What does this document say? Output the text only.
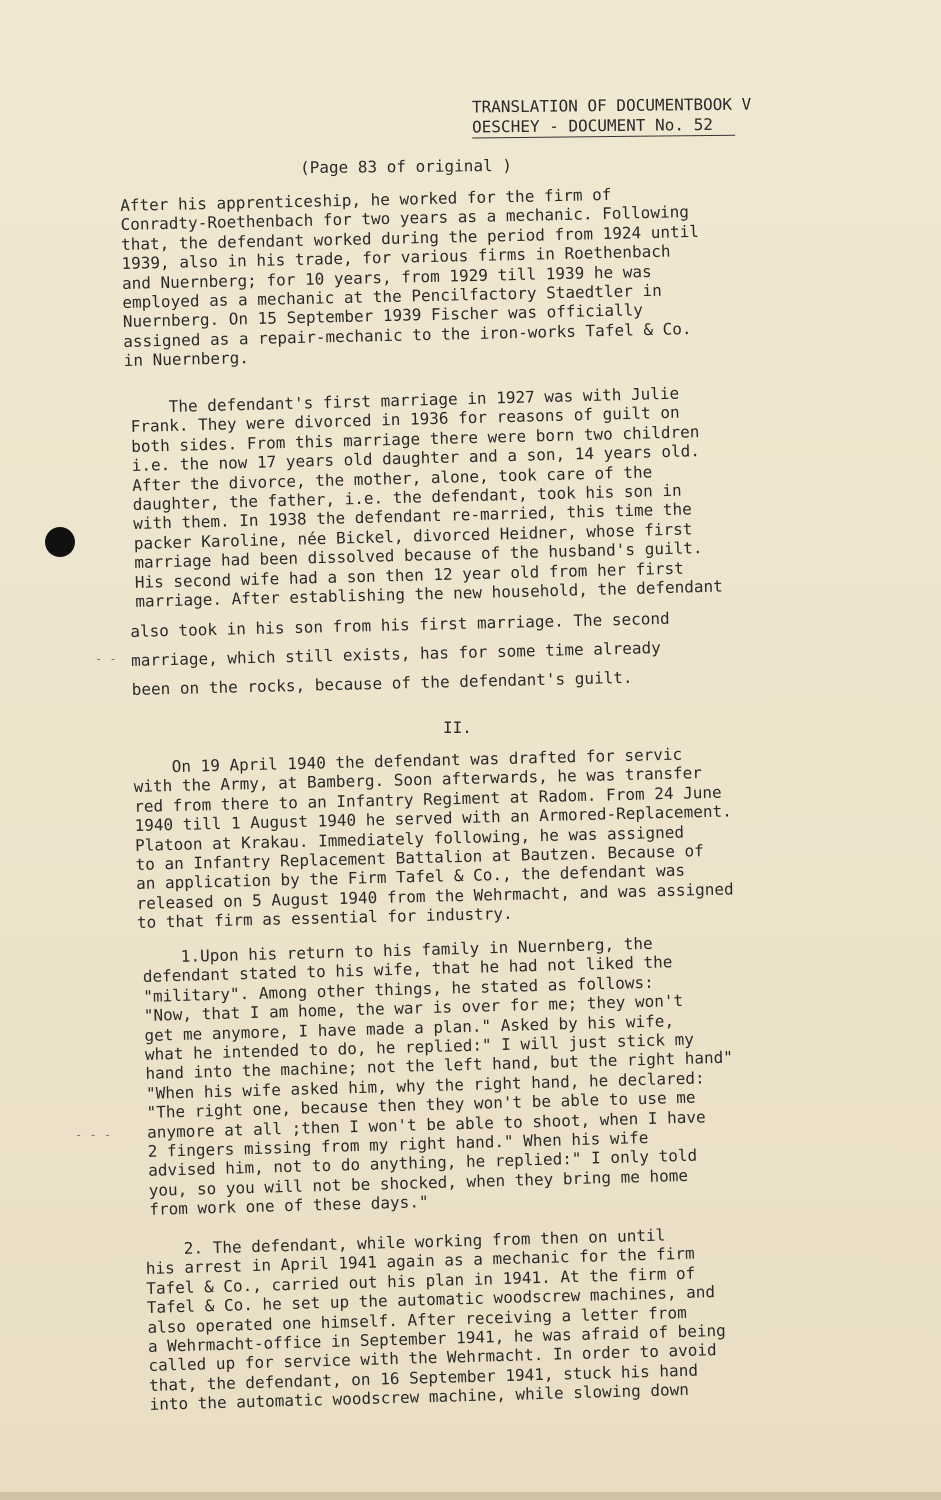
TRANSLATION OF DOCUMENTBOOK V
OESCHEY - DOCUMENT No. 52
(Page 83 of original )
After his apprenticeship, he worked for the firm of
Conradty-Roethenbach for two years as a mechanic. Following
that, the defendant worked during the period from 1924 until
1939, also in his trade, for various firms in Roethenbach
and Nuernberg; for 10 years, from 1929 till 1939 he was
employed as a mechanic at the Pencilfactory Staedtler in
Nuernberg. On 15 September 1939 Fischer was officially
assigned as a repair-mechanic to the iron-works Tafel & Co.
in Nuernberg.
The defendant's first marriage in 1927 was with Julie
Frank. They were divorced in 1936 for reasons of guilt on
both sides. From this marriage there were born two children
i.e. the now 17 years old daughter and a son, 14 years old.
After the divorce, the mother, alone, took care of the
daughter, the father, i.e. the defendant, took his son in
with them. In 1938 the defendant re-married, this time the
packer Karoline, née Bickel, divorced Heidner, whose first
marriage had been dissolved because of the husband's guilt.
His second wife had a son then 12 year old from her first
marriage. After establishing the new household, the defendant
also took in his son from his first marriage. The second
marriage, which still exists, has for some time already
been on the rocks, because of the defendant's guilt.
II.
On 19 April 1940 the defendant was drafted for servic
with the Army, at Bamberg. Soon afterwards, he was transfer
red from there to an Infantry Regiment at Radom. From 24 June
1940 till 1 August 1940 he served with an Armored-Replacement.
Platoon at Krakau. Immediately following, he was assigned
to an Infantry Replacement Battalion at Bautzen. Because of
an application by the Firm Tafel & Co., the defendant was
released on 5 August 1940 from the Wehrmacht, and was assigned
to that firm as essential for industry.
1.Upon his return to his family in Nuernberg, the
defendant stated to his wife, that he had not liked the
"military". Among other things, he stated as follows:
"Now, that I am home, the war is over for me; they won't
get me anymore, I have made a plan." Asked by his wife,
what he intended to do, he replied:" I will just stick my
hand into the machine; not the left hand, but the right hand"
"When his wife asked him, why the right hand, he declared:
"The right one, because then they won't be able to use me
anymore at all ;then I won't be able to shoot, when I have
2 fingers missing from my right hand." When his wife
advised him, not to do anything, he replied:" I only told
you, so you will not be shocked, when they bring me home
from work one of these days."
2. The defendant, while working from then on until
his arrest in April 1941 again as a mechanic for the firm
Tafel & Co., carried out his plan in 1941. At the firm of
Tafel & Co. he set up the automatic woodscrew machines, and
also operated one himself. After receiving a letter from
a Wehrmacht-office in September 1941, he was afraid of being
called up for service with the Wehrmacht. In order to avoid
that, the defendant, on 16 September 1941, stuck his hand
into the automatic woodscrew machine, while slowing down
- -
- - -
